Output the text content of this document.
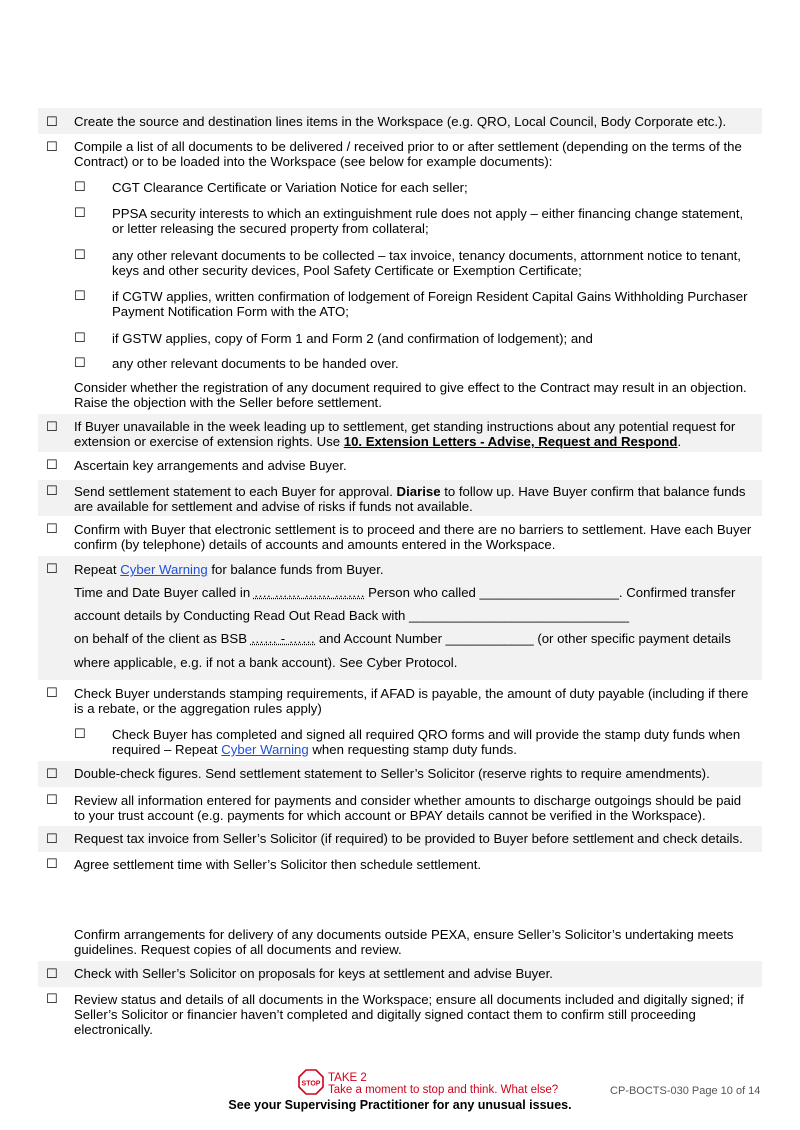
☐ Create the source and destination lines items in the Workspace (e.g. QRO, Local Council, Body Corporate etc.).
☐ Compile a list of all documents to be delivered / received prior to or after settlement (depending on the terms of the Contract) or to be loaded into the Workspace (see below for example documents):
☐ CGT Clearance Certificate or Variation Notice for each seller;
☐ PPSA security interests to which an extinguishment rule does not apply – either financing change statement, or letter releasing the secured property from collateral;
☐ any other relevant documents to be collected – tax invoice, tenancy documents, attornment notice to tenant, keys and other security devices, Pool Safety Certificate or Exemption Certificate;
☐ if CGTW applies, written confirmation of lodgement of Foreign Resident Capital Gains Withholding Purchaser Payment Notification Form with the ATO;
☐ if GSTW applies, copy of Form 1 and Form 2 (and confirmation of lodgement); and
☐ any other relevant documents to be handed over.
Consider whether the registration of any document required to give effect to the Contract may result in an objection. Raise the objection with the Seller before settlement.
☐ If Buyer unavailable in the week leading up to settlement, get standing instructions about any potential request for extension or exercise of extension rights. Use 10. Extension Letters - Advise, Request and Respond.
☐ Ascertain key arrangements and advise Buyer.
☐ Send settlement statement to each Buyer for approval. Diarise to follow up. Have Buyer confirm that balance funds are available for settlement and advise of risks if funds not available.
☐ Confirm with Buyer that electronic settlement is to proceed and there are no barriers to settlement. Have each Buyer confirm (by telephone) details of accounts and amounts entered in the Workspace.
☐ Repeat Cyber Warning for balance funds from Buyer.
Time and Date Buyer called in …. …… …… ……. Person who called ___________________. Confirmed transfer
account details by Conducting Read Out Read Back with ______________________________
on behalf of the client as BSB …… - …… and Account Number ____________ (or other specific payment details
where applicable, e.g. if not a bank account). See Cyber Protocol.
☐ Check Buyer understands stamping requirements, if AFAD is payable, the amount of duty payable (including if there is a rebate, or the aggregation rules apply)
☐ Check Buyer has completed and signed all required QRO forms and will provide the stamp duty funds when required – Repeat Cyber Warning when requesting stamp duty funds.
☐ Double-check figures. Send settlement statement to Seller’s Solicitor (reserve rights to require amendments).
☐ Review all information entered for payments and consider whether amounts to discharge outgoings should be paid to your trust account (e.g. payments for which account or BPAY details cannot be verified in the Workspace).
☐ Request tax invoice from Seller’s Solicitor (if required) to be provided to Buyer before settlement and check details.
☐ Agree settlement time with Seller’s Solicitor then schedule settlement.
Confirm arrangements for delivery of any documents outside PEXA, ensure Seller’s Solicitor’s undertaking meets guidelines. Request copies of all documents and review.
☐ Check with Seller’s Solicitor on proposals for keys at settlement and advise Buyer.
☐ Review status and details of all documents in the Workspace; ensure all documents included and digitally signed; if Seller’s Solicitor or financier haven’t completed and digitally signed contact them to confirm still proceeding electronically.
STOP TAKE 2
Take a moment to stop and think. What else?	CP-BOCTS-030 Page 10 of 14
See your Supervising Practitioner for any unusual issues.
